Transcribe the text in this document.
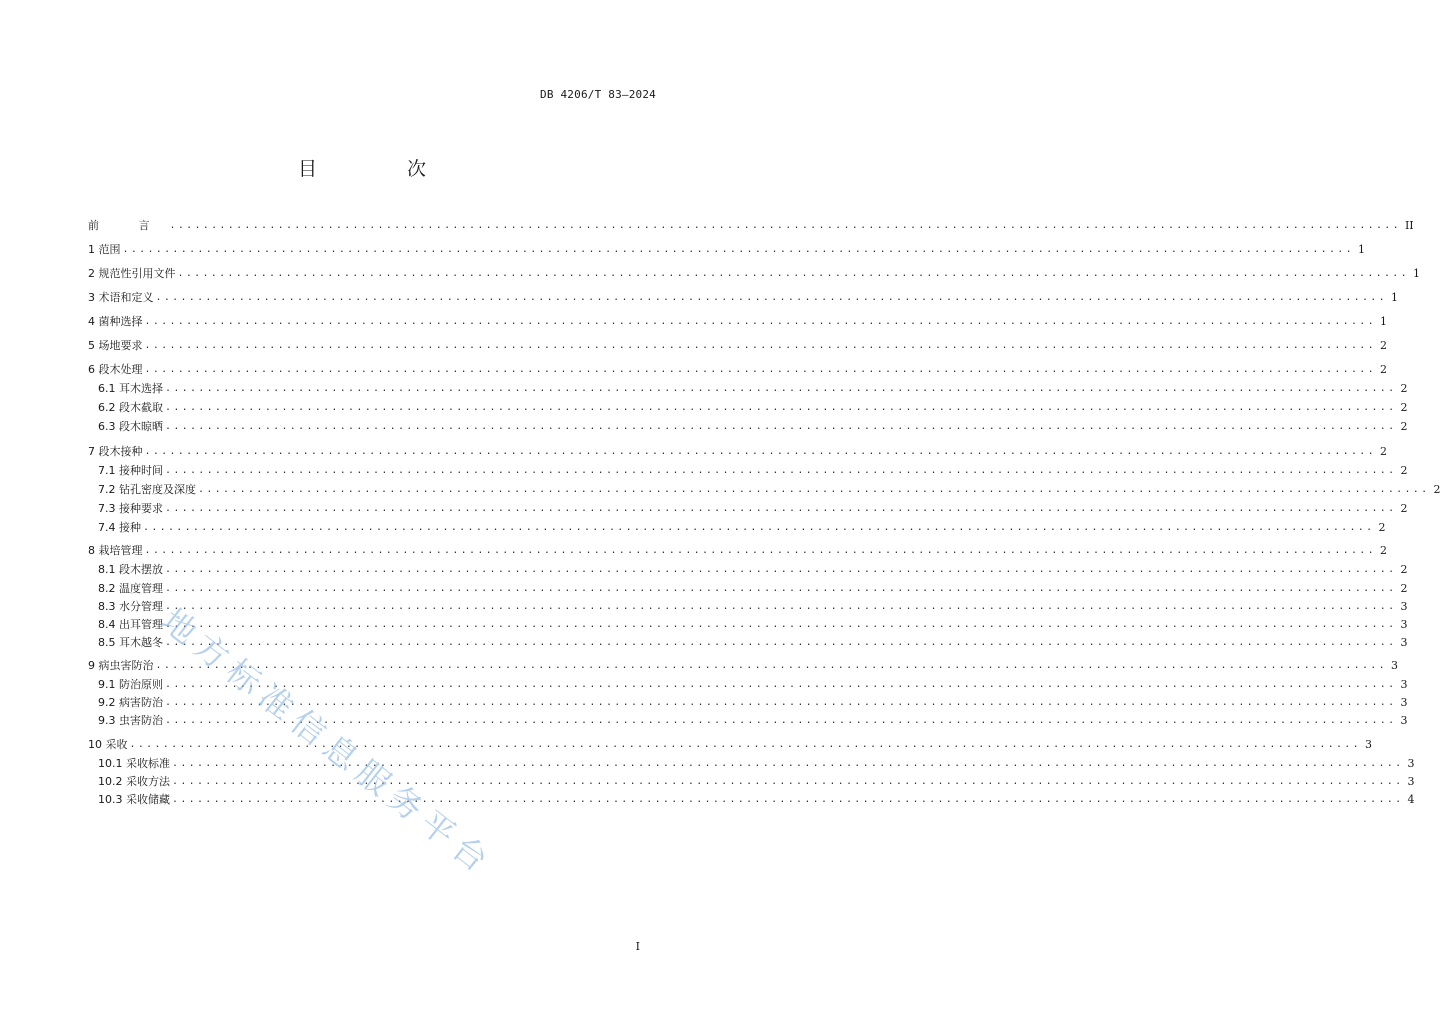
DB 4206/T 83—2024
目 次
前 言 .................................................................................................................................................... II
1 范围 .................................................................................................................................................... 1
2 规范性引用文件 .................................................................................................................................................... 1
3 术语和定义 .................................................................................................................................................... 1
4 菌种选择 .................................................................................................................................................... 1
5 场地要求 .................................................................................................................................................... 2
6 段木处理 .................................................................................................................................................... 2
6.1 耳木选择 .................................................................................................................................................... 2
6.2 段木截取 .................................................................................................................................................... 2
6.3 段木晾晒 .................................................................................................................................................... 2
7 段木接种 .................................................................................................................................................... 2
7.1 接种时间 .................................................................................................................................................... 2
7.2 钻孔密度及深度 .................................................................................................................................................... 2
7.3 接种要求 .................................................................................................................................................... 2
7.4 接种 .................................................................................................................................................... 2
8 栽培管理 .................................................................................................................................................... 2
8.1 段木摆放 .................................................................................................................................................... 2
8.2 温度管理 .................................................................................................................................................... 2
8.3 水分管理 .................................................................................................................................................... 3
8.4 出耳管理 .................................................................................................................................................... 3
8.5 耳木越冬 .................................................................................................................................................... 3
9 病虫害防治 .................................................................................................................................................... 3
9.1 防治原则 .................................................................................................................................................... 3
9.2 病害防治 .................................................................................................................................................... 3
9.3 虫害防治 .................................................................................................................................................... 3
10 采收 .................................................................................................................................................... 3
10.1 采收标准 .................................................................................................................................................... 3
10.2 采收方法 .................................................................................................................................................... 3
10.3 采收储藏 .................................................................................................................................................... 4
地方标准信息服务平台
I
